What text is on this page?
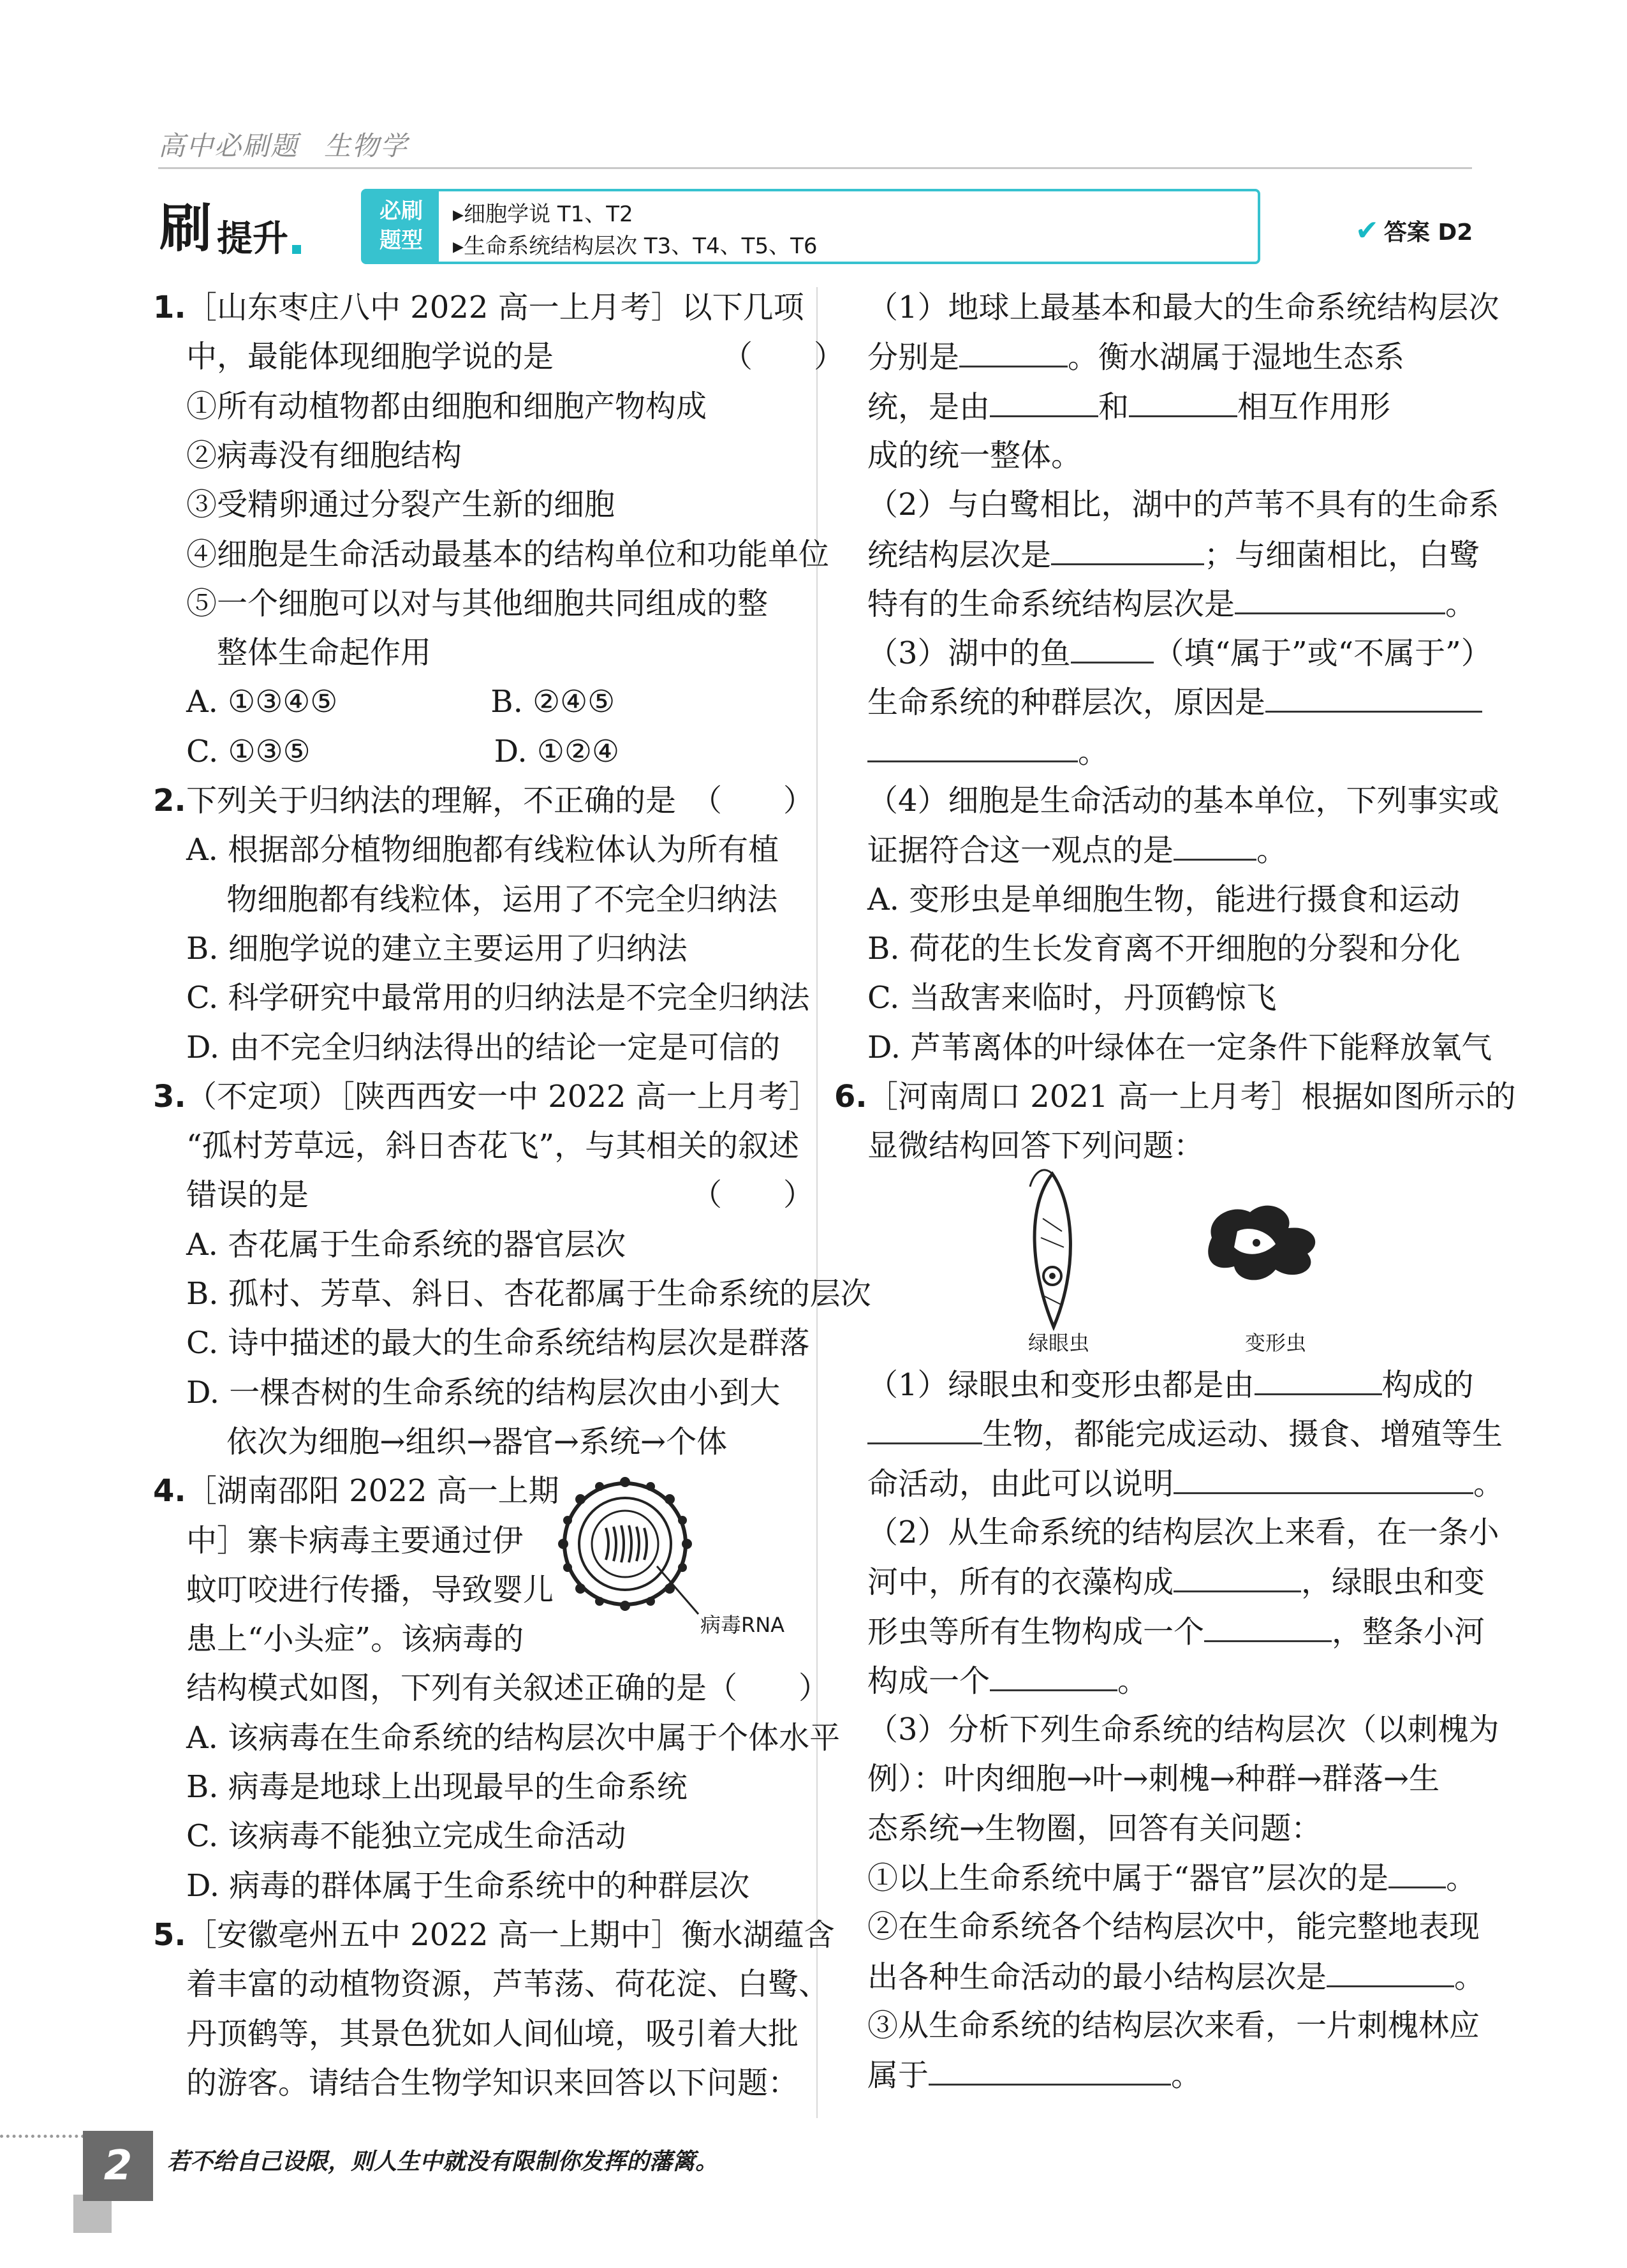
高中必刷题 生物学
刷 提升
必刷
题型
▸细胞学说 T1、T2
▸生命系统结构层次 T3、T4、T5、T6	✔ 答案 D2
1. ［山东枣庄八中 2022 高一上月考］以下几项
中，最能体现细胞学说的是　　　　　　（　　）
①所有动植物都由细胞和细胞产物构成
②病毒没有细胞结构
③受精卵通过分裂产生新的细胞
④细胞是生命活动最基本的结构单位和功能单位
⑤一个细胞可以对与其他细胞共同组成的整
　整体生命起作用
A. ①③④⑤　　　　　B. ②④⑤
C. ①③⑤　　　　　　D. ①②④
2. 下列关于归纳法的理解，不正确的是　（　　）
A. 根据部分植物细胞都有线粒体认为所有植
　 物细胞都有线粒体，运用了不完全归纳法
B. 细胞学说的建立主要运用了归纳法
C. 科学研究中最常用的归纳法是不完全归纳法
D. 由不完全归纳法得出的结论一定是可信的
3. （不定项）［陕西西安一中 2022 高一上月考］
“孤村芳草远，斜日杏花飞”，与其相关的叙述
错误的是　　　　　　　　　　　　　（　　）
A. 杏花属于生命系统的器官层次
B. 孤村、芳草、斜日、杏花都属于生命系统的层次
C. 诗中描述的最大的生命系统结构层次是群落
D. 一棵杏树的生命系统的结构层次由小到大
　 依次为细胞→组织→器官→系统→个体
4. ［湖南邵阳 2022 高一上期
中］寨卡病毒主要通过伊
蚊叮咬进行传播，导致婴儿
患上“小头症”。该病毒的
结构模式如图，下列有关叙述正确的是（　　）
A. 该病毒在生命系统的结构层次中属于个体水平
B. 病毒是地球上出现最早的生命系统
C. 该病毒不能独立完成生命活动
D. 病毒的群体属于生命系统中的种群层次
5. ［安徽亳州五中 2022 高一上期中］衡水湖蕴含
着丰富的动植物资源，芦苇荡、荷花淀、白鹭、
丹顶鹤等，其景色犹如人间仙境，吸引着大批
的游客。请结合生物学知识来回答以下问题：
（1）地球上最基本和最大的生命系统结构层次
分别是	。衡水湖属于湿地生态系
统，是由	和	相互作用形
成的统一整体。
（2）与白鹭相比，湖中的芦苇不具有的生命系
统结构层次是	；与细菌相比，白鹭
特有的生命系统结构层次是	。
（3）湖中的鱼	（填“属于”或“不属于”）
生命系统的种群层次，原因是
。
（4）细胞是生命活动的基本单位，下列事实或
证据符合这一观点的是	。
A. 变形虫是单细胞生物，能进行摄食和运动
B. 荷花的生长发育离不开细胞的分裂和分化
C. 当敌害来临时，丹顶鹤惊飞
D. 芦苇离体的叶绿体在一定条件下能释放氧气
6. ［河南周口 2021 高一上月考］根据如图所示的
显微结构回答下列问题：
（1）绿眼虫和变形虫都是由	构成的
生物，都能完成运动、摄食、增殖等生
命活动，由此可以说明	。
（2）从生命系统的结构层次上来看，在一条小
河中，所有的衣藻构成	，绿眼虫和变
形虫等所有生物构成一个	，整条小河
构成一个	。
（3）分析下列生命系统的结构层次（以刺槐为
例）：叶肉细胞→叶→刺槐→种群→群落→生
态系统→生物圈，回答有关问题：
①以上生命系统中属于“器官”层次的是 。
②在生命系统各个结构层次中，能完整地表现
出各种生命活动的最小结构层次是	。
③从生命系统的结构层次来看，一片刺槐林应
属于	。
病毒RNA
绿眼虫	变形虫
2	若不给自己设限，则人生中就没有限制你发挥的藩篱。
